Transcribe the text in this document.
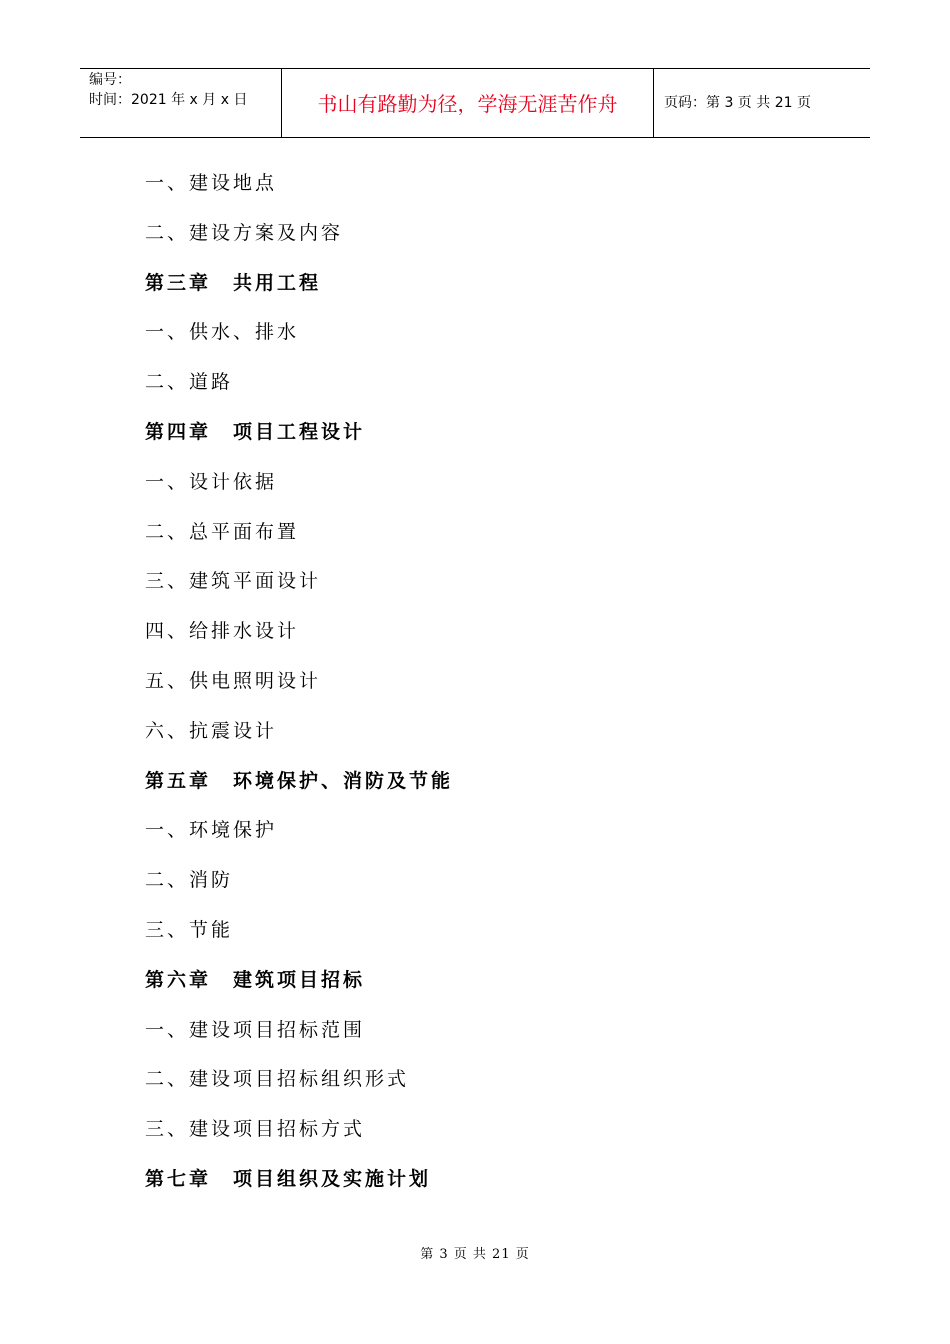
编号：
时间：2021 年 x 月 x 日	书山有路勤为径，学海无涯苦作舟	页码：第 3 页 共 21 页
一、建设地点
二、建设方案及内容
第三章　共用工程
一、供水、排水
二、道路
第四章　项目工程设计
一、设计依据
二、总平面布置
三、建筑平面设计
四、给排水设计
五、供电照明设计
六、抗震设计
第五章　环境保护、消防及节能
一、环境保护
二、消防
三、节能
第六章　建筑项目招标
一、建设项目招标范围
二、建设项目招标组织形式
三、建设项目招标方式
第七章　项目组织及实施计划
第 3 页 共 21 页
